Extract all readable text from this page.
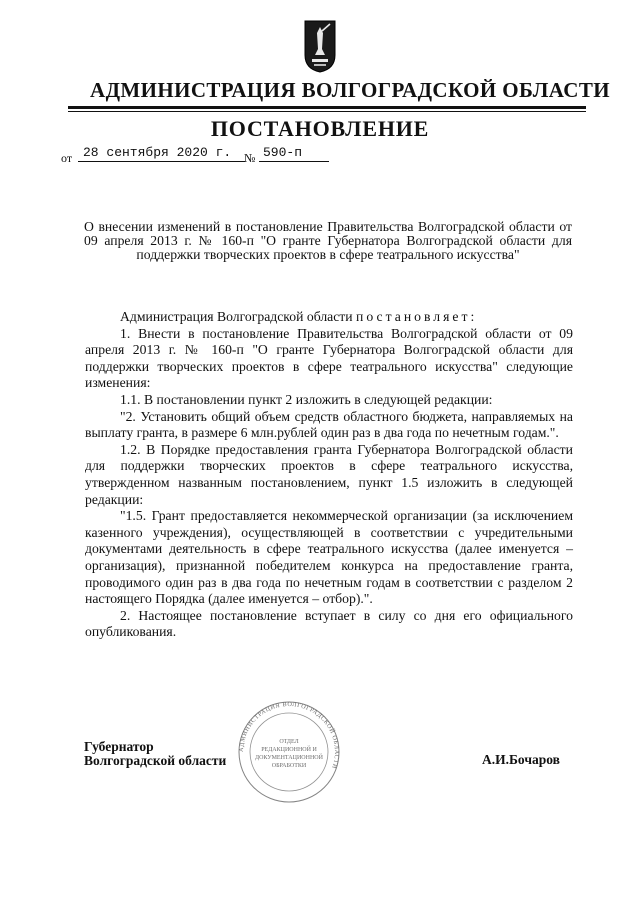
АДМИНИСТРАЦИЯ ВОЛГОГРАДСКОЙ ОБЛАСТИ
ПОСТАНОВЛЕНИЕ
от 28 сентября 2020 г.	№ 590-п
О внесении изменений в постановление Правительства Волгоградской области от 09 апреля 2013 г. № 160-п "О гранте Губернатора Волгоградской области для поддержки творческих проектов в сфере театрального искусства"

Администрация Волгоградской области постановляет:

1. Внести в постановление Правительства Волгоградской области от 09 апреля 2013 г. № 160-п "О гранте Губернатора Волгоградской области для поддержки творческих проектов в сфере театрального искусства" следующие изменения:

1.1. В постановлении пункт 2 изложить в следующей редакции:

"2. Установить общий объем средств областного бюджета, направляемых на выплату гранта, в размере 6 млн.рублей один раз в два года по нечетным годам.".

1.2. В Порядке предоставления гранта Губернатора Волгоградской области для поддержки творческих проектов в сфере театрального искусства, утвержденном названным постановлением, пункт 1.5 изложить в следующей редакции:

"1.5. Грант предоставляется некоммерческой организации (за исключением казенного учреждения), осуществляющей в соответствии с учредительными документами деятельность в сфере театрального искусства (далее именуется – организация), признанной победителем конкурса на предоставление гранта, проводимого один раз в два года по нечетным годам в соответствии с разделом 2 настоящего Порядка (далее именуется – отбор).".

2. Настоящее постановление вступает в силу со дня его официального опубликования.

АДМИНИСТРАЦИЯ ВОЛГОГРАДСКОЙ ОБЛАСТИ
ОТДЕЛ
РЕДАКЦИОННОЙ И
ДОКУМЕНТАЦИОННОЙ
ОБРАБОТКИ
Губернатор
Волгоградской области	А.И.Бочаров
